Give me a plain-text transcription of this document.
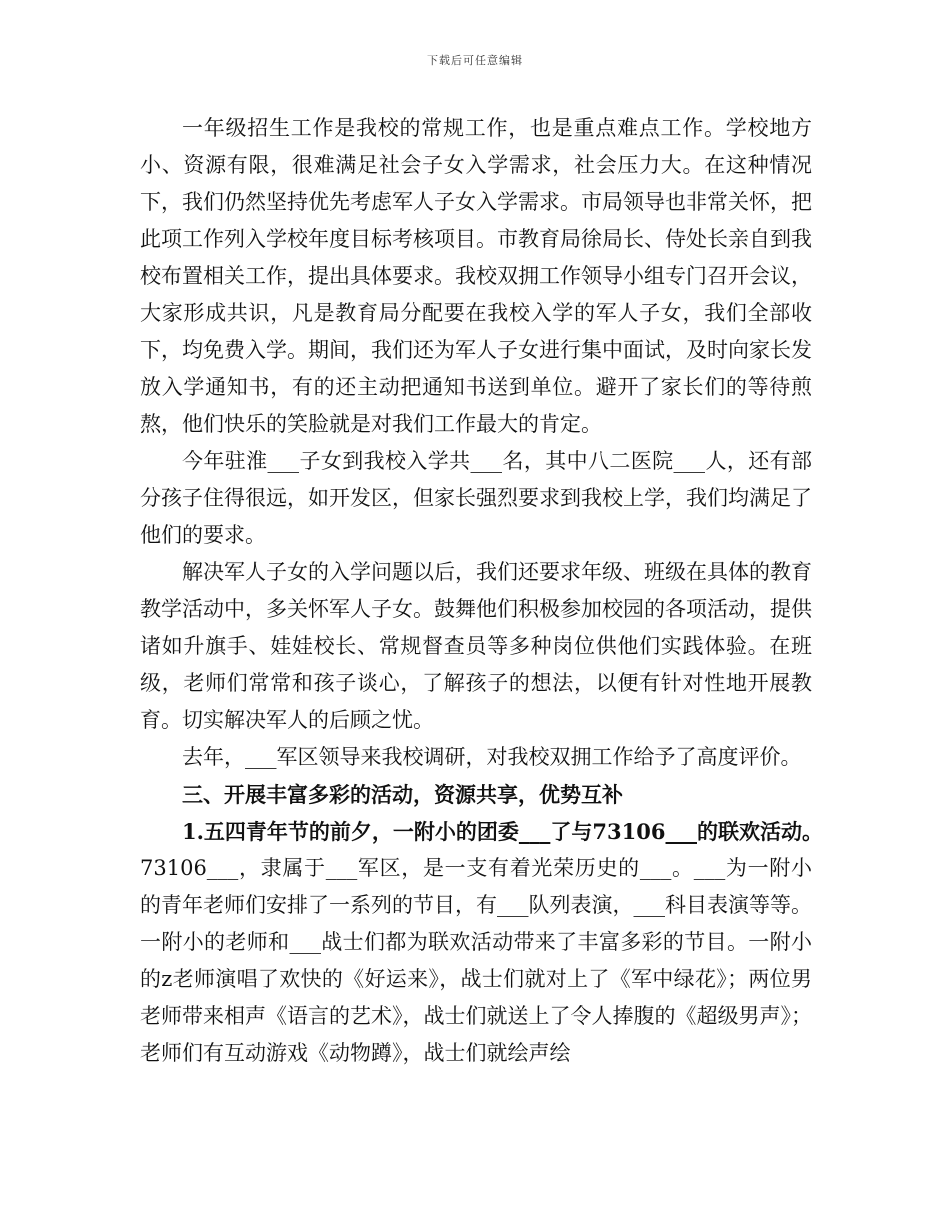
下载后可任意编辑

一年级招生工作是我校的常规工作，也是重点难点工作。学校地方小、资源有限，很难满足社会子女入学需求，社会压力大。在这种情况下，我们仍然坚持优先考虑军人子女入学需求。市局领导也非常关怀，把此项工作列入学校年度目标考核项目。市教育局徐局长、侍处长亲自到我校布置相关工作，提出具体要求。我校双拥工作领导小组专门召开会议，大家形成共识，凡是教育局分配要在我校入学的军人子女，我们全部收下，均免费入学。期间，我们还为军人子女进行集中面试，及时向家长发放入学通知书，有的还主动把通知书送到单位。避开了家长们的等待煎熬，他们快乐的笑脸就是对我们工作最大的肯定。

今年驻淮___子女到我校入学共___名，其中八二医院___人，还有部分孩子住得很远，如开发区，但家长强烈要求到我校上学，我们均满足了他们的要求。

解决军人子女的入学问题以后，我们还要求年级、班级在具体的教育教学活动中，多关怀军人子女。鼓舞他们积极参加校园的各项活动，提供诸如升旗手、娃娃校长、常规督查员等多种岗位供他们实践体验。在班级，老师们常常和孩子谈心，了解孩子的想法，以便有针对性地开展教育。切实解决军人的后顾之忧。

去年，___军区领导来我校调研，对我校双拥工作给予了高度评价。

三、开展丰富多彩的活动，资源共享，优势互补

1.五四青年节的前夕，一附小的团委___了与73106___的联欢活动。

73106___，隶属于___军区，是一支有着光荣历史的___。___为一附小的青年老师们安排了一系列的节目，有___队列表演，___科目表演等等。一附小的老师和___战士们都为联欢活动带来了丰富多彩的节目。一附小的z老师演唱了欢快的《好运来》，战士们就对上了《军中绿花》；两位男老师带来相声《语言的艺术》，战士们就送上了令人捧腹的《超级男声》；老师们有互动游戏《动物蹲》，战士们就绘声绘
